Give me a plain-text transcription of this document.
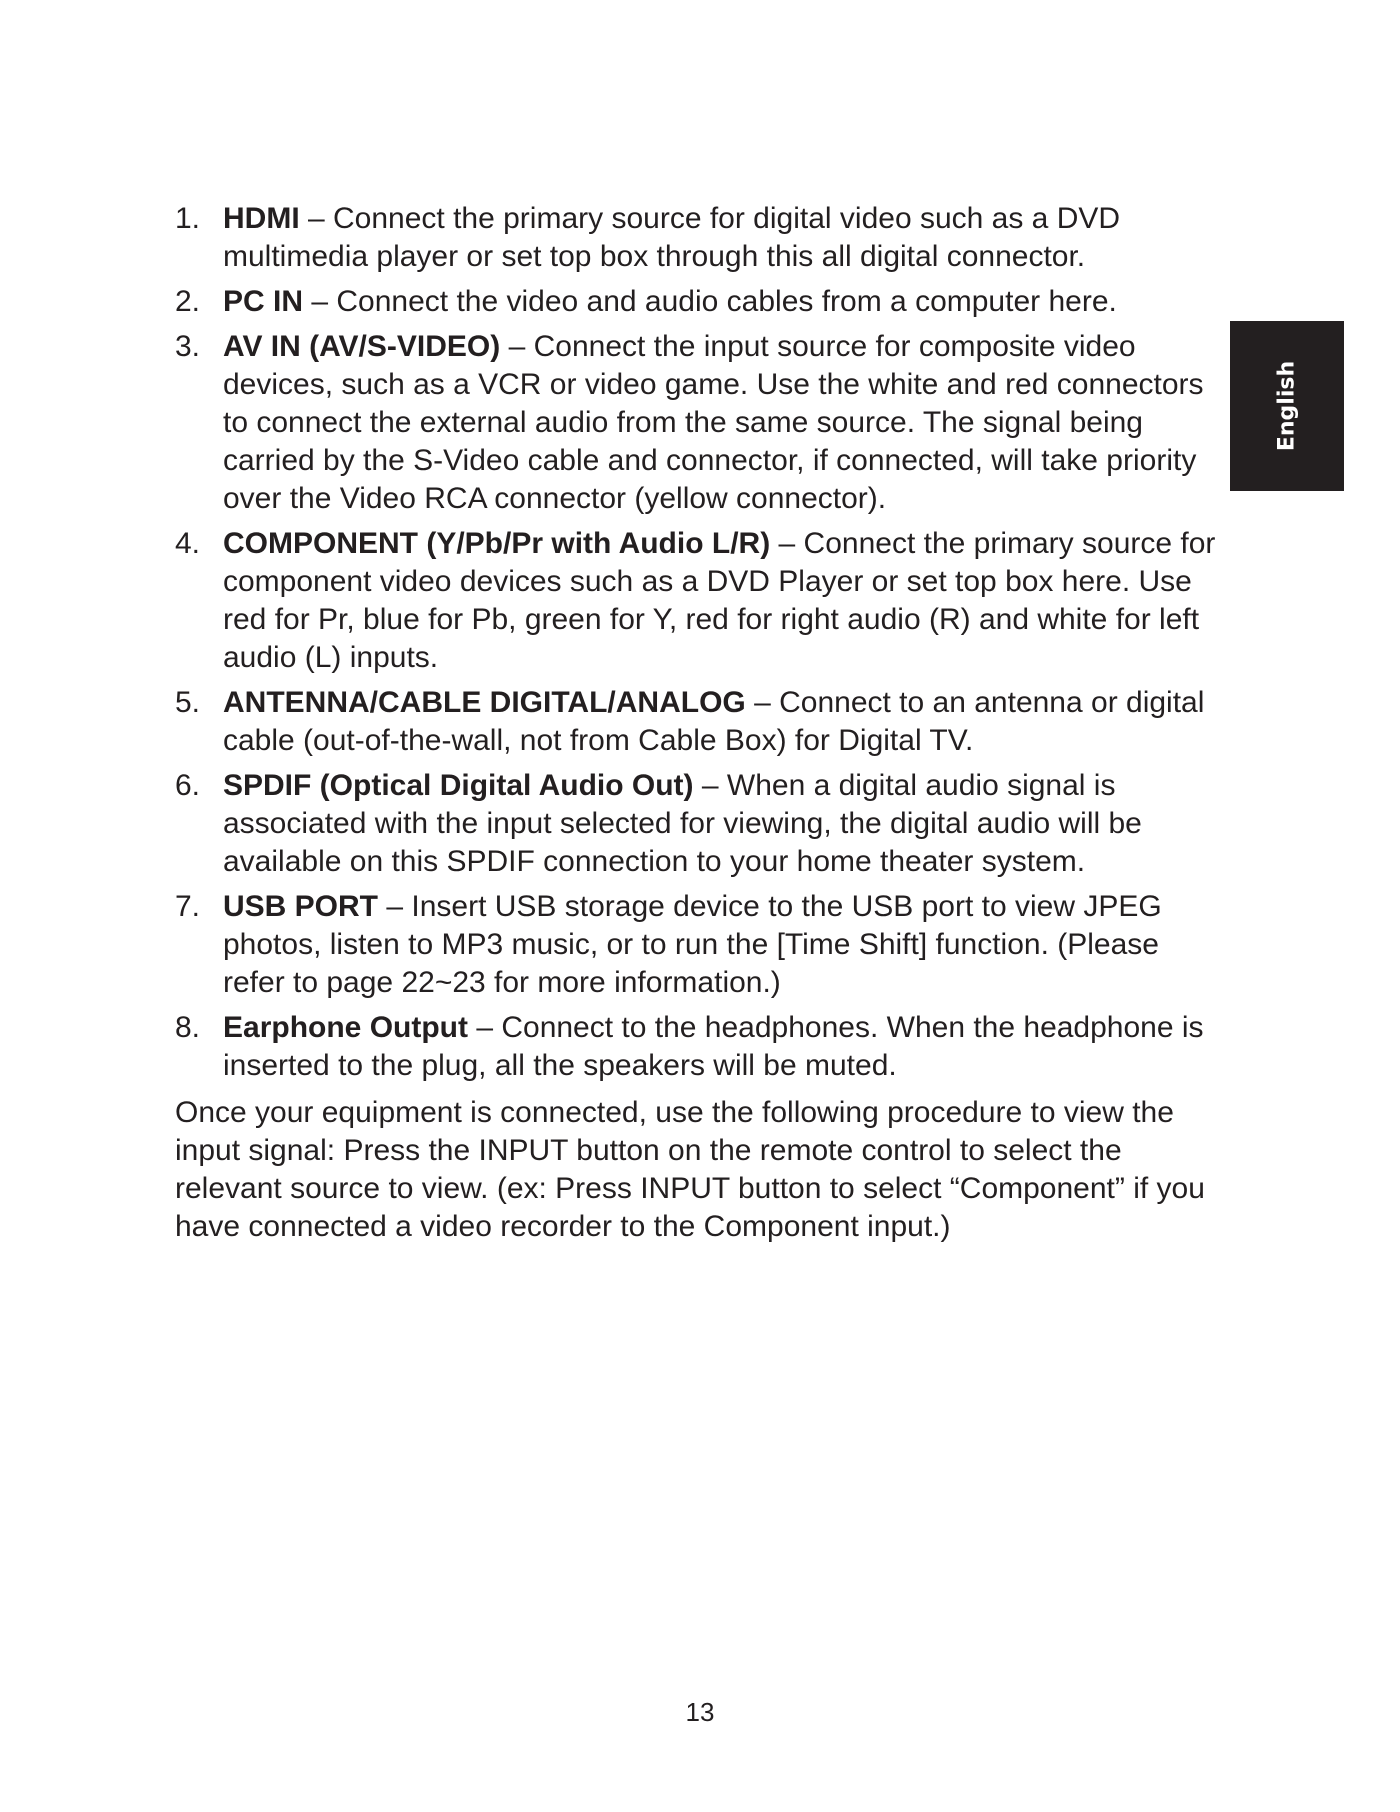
English
1. HDMI – Connect the primary source for digital video such as a DVD multimedia player or set top box through this all digital connector.
2. PC IN – Connect the video and audio cables from a computer here.
3. AV IN (AV/S-VIDEO) – Connect the input source for composite video devices, such as a VCR or video game. Use the white and red connectors to connect the external audio from the same source. The signal being carried by the S-Video cable and connector, if connected, will take priority over the Video RCA connector (yellow connector).
4. COMPONENT (Y/Pb/Pr with Audio L/R) – Connect the primary source for component video devices such as a DVD Player or set top box here. Use red for Pr, blue for Pb, green for Y, red for right audio (R) and white for left audio (L) inputs.
5. ANTENNA/CABLE DIGITAL/ANALOG – Connect to an antenna or digital cable (out-of-the-wall, not from Cable Box) for Digital TV.
6. SPDIF (Optical Digital Audio Out) – When a digital audio signal is associated with the input selected for viewing, the digital audio will be available on this SPDIF connection to your home theater system.
7. USB PORT – Insert USB storage device to the USB port to view JPEG photos, listen to MP3 music, or to run the [Time Shift] function. (Please refer to page 22~23 for more information.)
8. Earphone Output – Connect to the headphones. When the headphone is inserted to the plug, all the speakers will be muted.

Once your equipment is connected, use the following procedure to view the input signal: Press the INPUT button on the remote control to select the relevant source to view. (ex: Press INPUT button to select “Component” if you have connected a video recorder to the Component input.)

13
